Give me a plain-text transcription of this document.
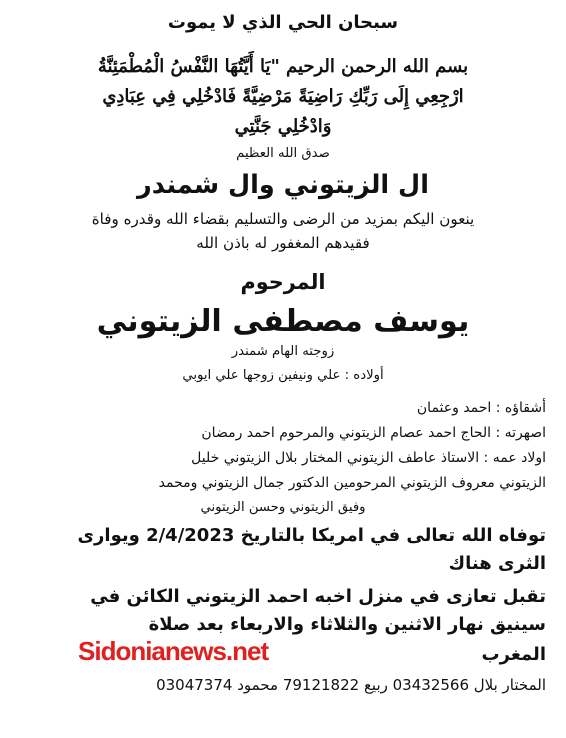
سبحان الحي الذي لا يموت
بسم الله الرحمن الرحيم "يَا أَيَّتُهَا النَّفْسُ الْمُطْمَئِنَّةُ
ارْجِعِي إِلَى رَبِّكِ رَاضِيَةً مَرْضِيَّةً فَادْخُلِي فِي عِبَادِي
وَادْخُلِي جَنَّتِي
صدق الله العظيم
ال الزيتوني وال شمندر
ينعون اليكم بمزيد من الرضى والتسليم بقضاء الله وقدره وفاة
فقيدهم المغفور له باذن الله
المرحوم
يوسف مصطفى الزيتوني
زوجته الهام شمندر
أولاده : علي ونيفين زوجها علي ايوبي
أشقاؤه : احمد وعثمان
اصهرته : الحاج احمد عصام الزيتوني والمرحوم احمد رمضان
اولاد عمه : الاستاذ عاطف الزيتوني المختار بلال الزيتوني خليل
الزيتوني معروف الزيتوني المرحومين الدكتور جمال الزيتوني ومحمد
وفيق الزيتوني وحسن الزيتوني
توفاه الله تعالى في امريكا بالتاريخ 2/4/2023 ويوارى
الثرى هناك
تقبل تعازى في منزل اخبه احمد الزيتوني الكائن في
سينيق نهار الاثنين والثلاثاء والاربعاء بعد صلاة
المغرب
المختار بلال 03432566 ربيع 79121822 محمود 03047374
Sidonianews.net
